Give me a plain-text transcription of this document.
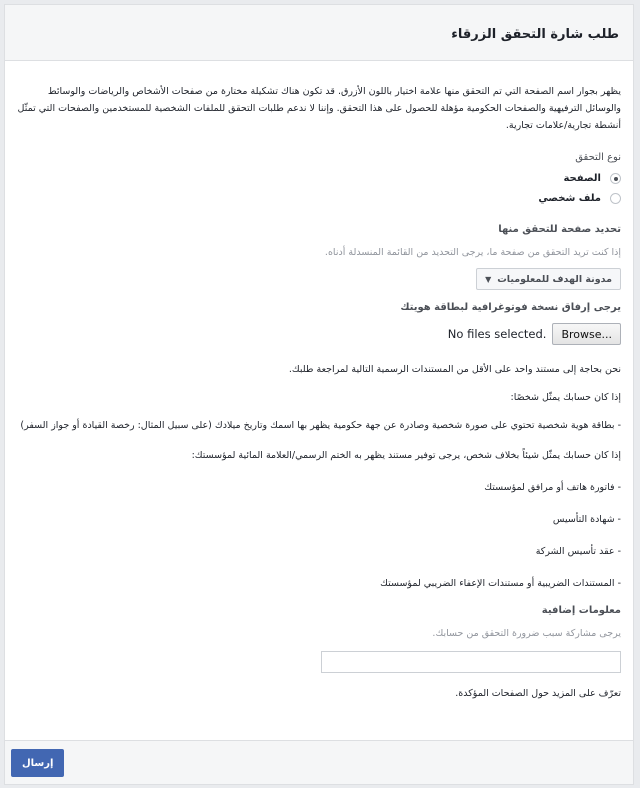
طلب شارة التحقق الزرقاء
يظهر بجوار اسم الصفحة التي تم التحقق منها علامة اختيار باللون الأزرق. قد تكون هناك تشكيلة مختارة من صفحات الأشخاص والرياضات والوسائط والوسائل الترفيهية والصفحات الحكومية مؤهلة للحصول على هذا التحقق. وإننا لا ندعم طلبات التحقق للملفات الشخصية للمستخدمين والصفحات التي تمثّل أنشطة تجارية/علامات تجارية.
نوع التحقق
الصفحة
ملف شخصي
تحديد صفحة للتحقق منها
إذا كنت تريد التحقق من صفحة ما، يرجى التحديد من القائمة المنسدلة أدناه.
مدونة الهدف للمعلوميات
▼
يرجى إرفاق نسخة فوتوغرافية لبطاقة هويتك
No files selected.	Browse...
نحن بحاجة إلى مستند واحد على الأقل من المستندات الرسمية التالية لمراجعة طلبك.
إذا كان حسابك يمثّل شخصًا:
- بطاقة هوية شخصية تحتوي على صورة شخصية وصادرة عن جهة حكومية يظهر بها اسمك وتاريخ ميلادك (على سبيل المثال: رخصة القيادة أو جواز السفر)
إذا كان حسابك يمثّل شيئاً بخلاف شخص، يرجى توفير مستند يظهر به الختم الرسمي/العلامة المائية لمؤسستك:
- فاتورة هاتف أو مرافق لمؤسستك
- شهادة التأسيس
- عقد تأسيس الشركة
- المستندات الضريبية أو مستندات الإعفاء الضريبي لمؤسستك
معلومات إضافية
يرجى مشاركة سبب ضرورة التحقق من حسابك.
تعرّف على المزيد حول الصفحات المؤكدة.
إرسال
